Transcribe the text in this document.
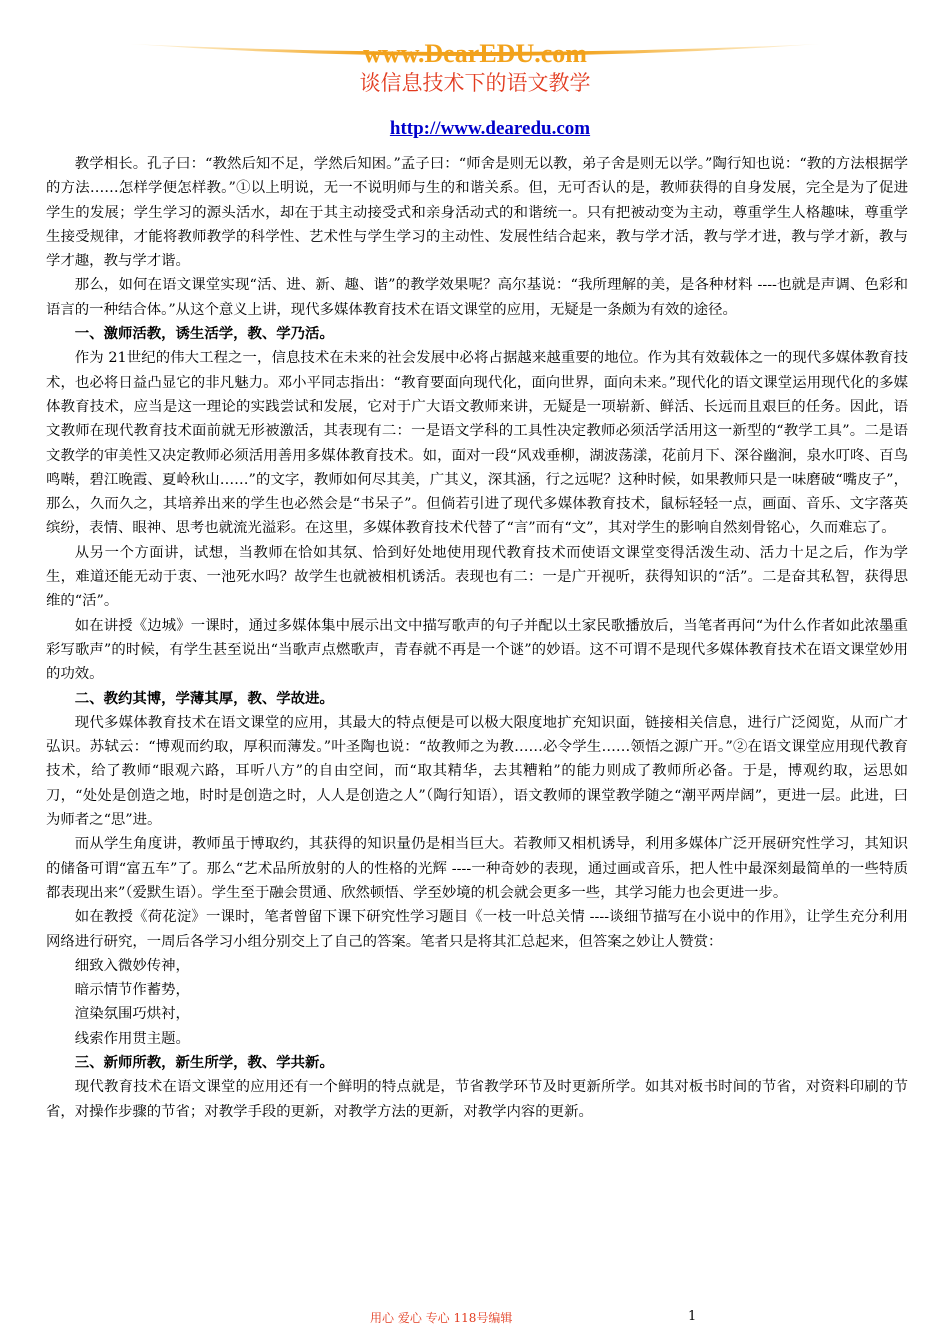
www.DearEDU.com
谈信息技术下的语文教学
http://www.dearedu.com

教学相长。孔子曰：“教然后知不足，学然后知困。”孟子曰：“师舍是则无以教，弟子舍是则无以学。”陶行知也说：“教的方法根据学的方法……怎样学便怎样教。”①以上明说，无一不说明师与生的和谐关系。但，无可否认的是，教师获得的自身发展，完全是为了促进学生的发展；学生学习的源头活水，却在于其主动接受式和亲身活动式的和谐统一。只有把被动变为主动，尊重学生人格趣味，尊重学生接受规律，才能将教师教学的科学性、艺术性与学生学习的主动性、发展性结合起来，教与学才活，教与学才进，教与学才新，教与学才趣，教与学才谐。

那么，如何在语文课堂实现“活、进、新、趣、谐”的教学效果呢？高尔基说：“我所理解的美，是各种材料 ----也就是声调、色彩和语言的一种结合体。”从这个意义上讲，现代多媒体教育技术在语文课堂的应用，无疑是一条颇为有效的途径。

一、激师活教，诱生活学，教、学乃活。

作为 21世纪的伟大工程之一，信息技术在未来的社会发展中必将占据越来越重要的地位。作为其有效载体之一的现代多媒体教育技术，也必将日益凸显它的非凡魅力。邓小平同志指出：“教育要面向现代化，面向世界，面向未来。”现代化的语文课堂运用现代化的多媒体教育技术，应当是这一理论的实践尝试和发展，它对于广大语文教师来讲，无疑是一项崭新、鲜活、长远而且艰巨的任务。因此，语文教师在现代教育技术面前就无形被激活，其表现有二：一是语文学科的工具性决定教师必须活学活用这一新型的“教学工具”。二是语文教学的审美性又决定教师必须活用善用多媒体教育技术。如，面对一段“风戏垂柳，湖波荡漾，花前月下、深谷幽涧，泉水叮咚、百鸟鸣啭，碧江晚霞、夏岭秋山……”的文字，教师如何尽其美，广其义，深其涵，行之远呢？这种时候，如果教师只是一味磨破“嘴皮子”，那么，久而久之，其培养出来的学生也必然会是“书呆子”。但倘若引进了现代多媒体教育技术，鼠标轻轻一点，画面、音乐、文字落英缤纷，表情、眼神、思考也就流光溢彩。在这里，多媒体教育技术代替了“言”而有“文”，其对学生的影响自然刻骨铭心，久而难忘了。

从另一个方面讲，试想，当教师在恰如其氛、恰到好处地使用现代教育技术而使语文课堂变得活泼生动、活力十足之后，作为学生，难道还能无动于衷、一池死水吗？故学生也就被相机诱活。表现也有二：一是广开视听，获得知识的“活”。二是奋其私智，获得思维的“活”。

如在讲授《边城》一课时，通过多媒体集中展示出文中描写歌声的句子并配以土家民歌播放后，当笔者再问“为什么作者如此浓墨重彩写歌声”的时候，有学生甚至说出“当歌声点燃歌声，青春就不再是一个谜”的妙语。这不可谓不是现代多媒体教育技术在语文课堂妙用的功效。

二、教约其博，学薄其厚，教、学故进。

现代多媒体教育技术在语文课堂的应用，其最大的特点便是可以极大限度地扩充知识面，链接相关信息，进行广泛阅览，从而广才弘识。苏轼云：“博观而约取，厚积而薄发。”叶圣陶也说：“故教师之为教……必令学生……领悟之源广开。”②在语文课堂应用现代教育技术，给了教师“眼观六路，耳听八方”的自由空间，而“取其精华，去其糟粕”的能力则成了教师所必备。于是，博观约取，运思如刀，“处处是创造之地，时时是创造之时，人人是创造之人”（陶行知语），语文教师的课堂教学随之“潮平两岸阔”，更进一层。此进，曰为师者之“思”进。

而从学生角度讲，教师虽于博取约，其获得的知识量仍是相当巨大。若教师又相机诱导，利用多媒体广泛开展研究性学习，其知识的储备可谓“富五车”了。那么“艺术品所放射的人的性格的光辉 ----一种奇妙的表现，通过画或音乐，把人性中最深刻最简单的一些特质都表现出来”（爱默生语）。学生至于融会贯通、欣然顿悟、学至妙境的机会就会更多一些，其学习能力也会更进一步。

如在教授《荷花淀》一课时，笔者曾留下课下研究性学习题目《一枝一叶总关情 ----谈细节描写在小说中的作用》，让学生充分利用网络进行研究，一周后各学习小组分别交上了自己的答案。笔者只是将其汇总起来，但答案之妙让人赞赏：

细致入微妙传神，

暗示情节作蓄势，

渲染氛围巧烘衬，

线索作用贯主题。

三、新师所教，新生所学，教、学共新。

现代教育技术在语文课堂的应用还有一个鲜明的特点就是，节省教学环节及时更新所学。如其对板书时间的节省，对资料印刷的节省，对操作步骤的节省；对教学手段的更新，对教学方法的更新，对教学内容的更新。

用心 爱心 专心 118号编辑	1
